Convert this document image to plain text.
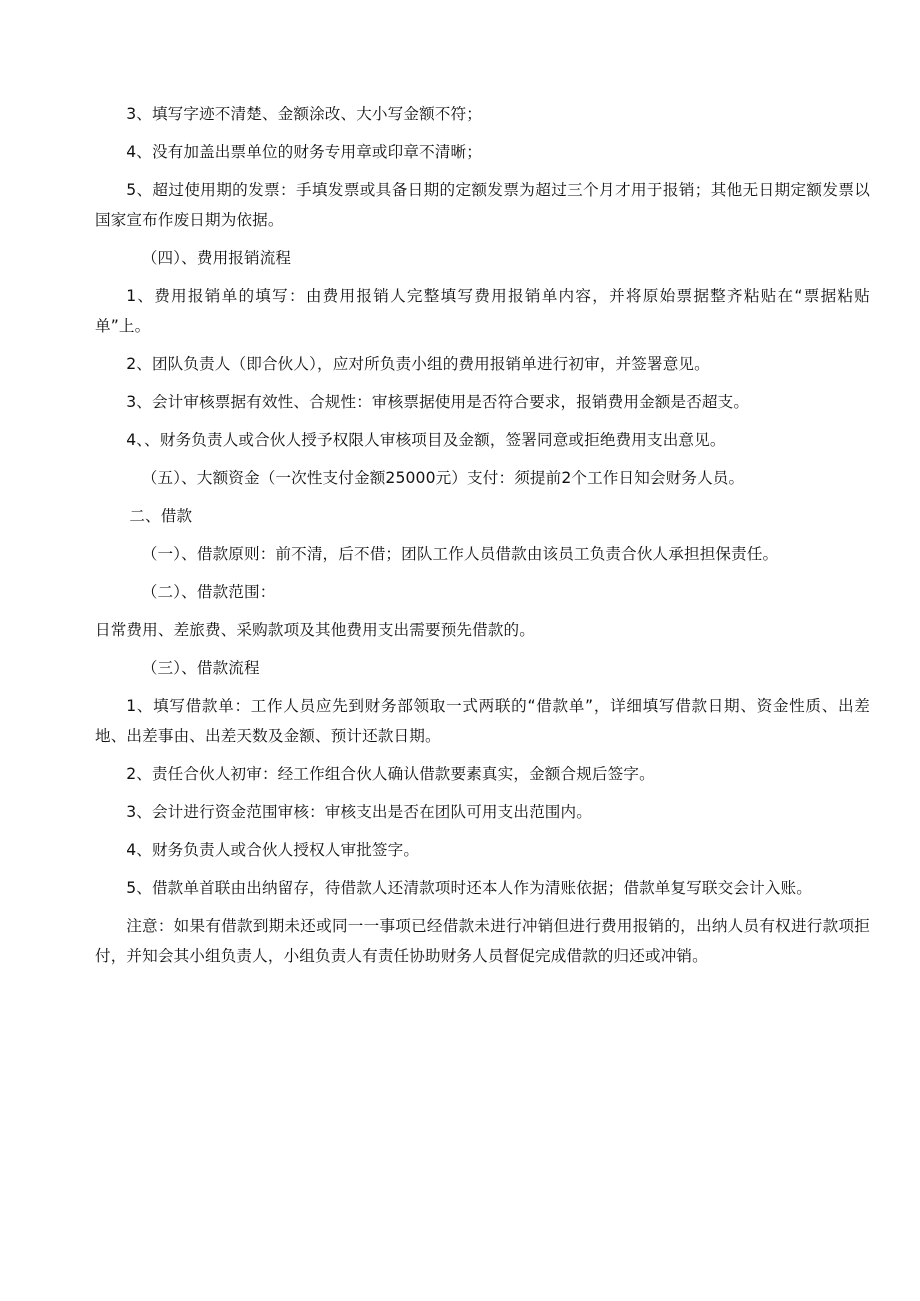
3、填写字迹不清楚、金额涂改、大小写金额不符；

4、没有加盖出票单位的财务专用章或印章不清晰；

5、超过使用期的发票：手填发票或具备日期的定额发票为超过三个月才用于报销；其他无日期定额发票以国家宣布作废日期为依据。

（四）、费用报销流程

1、费用报销单的填写：由费用报销人完整填写费用报销单内容，并将原始票据整齐粘贴在“票据粘贴单”上。

2、团队负责人（即合伙人），应对所负责小组的费用报销单进行初审，并签署意见。

3、会计审核票据有效性、合规性：审核票据使用是否符合要求，报销费用金额是否超支。

4、、财务负责人或合伙人授予权限人审核项目及金额，签署同意或拒绝费用支出意见。

（五）、大额资金（一次性支付金额25000元）支付：须提前2个工作日知会财务人员。

二、借款

（一）、借款原则：前不清，后不借；团队工作人员借款由该员工负责合伙人承担担保责任。

（二）、借款范围：

日常费用、差旅费、采购款项及其他费用支出需要预先借款的。

（三）、借款流程

1、填写借款单：工作人员应先到财务部领取一式两联的“借款单”，详细填写借款日期、资金性质、出差地、出差事由、出差天数及金额、预计还款日期。

2、责任合伙人初审：经工作组合伙人确认借款要素真实，金额合规后签字。

3、会计进行资金范围审核：审核支出是否在团队可用支出范围内。

4、财务负责人或合伙人授权人审批签字。

5、借款单首联由出纳留存，待借款人还清款项时还本人作为清账依据；借款单复写联交会计入账。

注意：如果有借款到期未还或同一一事项已经借款未进行冲销但进行费用报销的，出纳人员有权进行款项拒付，并知会其小组负责人，小组负责人有责任协助财务人员督促完成借款的归还或冲销。
